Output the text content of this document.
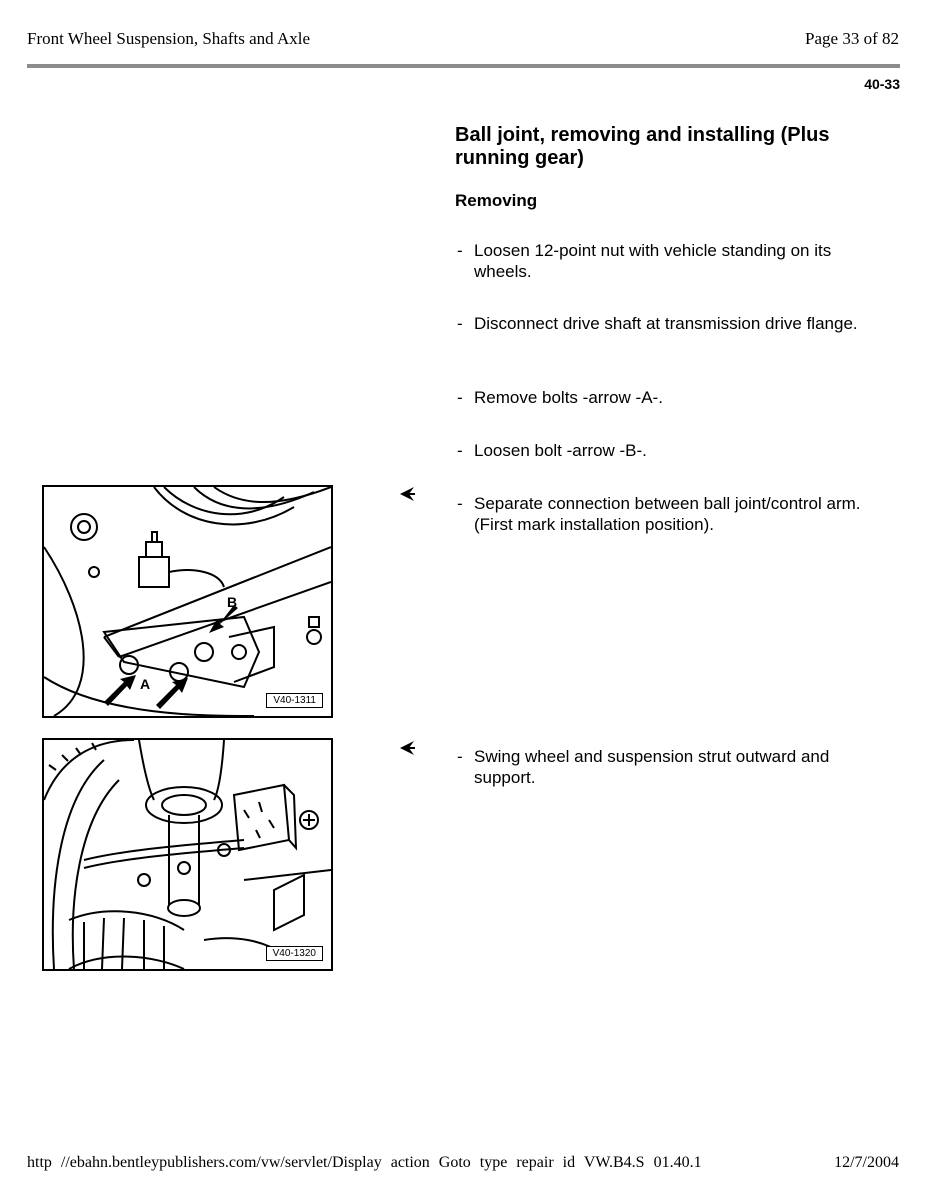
Front Wheel Suspension, Shafts and Axle	Page 33 of 82
40-33
Ball joint, removing and installing (Plus running gear)
Removing
- Loosen 12-point nut with vehicle standing on its wheels.
- Disconnect drive shaft at transmission drive flange.
- Remove bolts -arrow -A-.
- Loosen bolt -arrow -B-.
- Separate connection between ball joint/control arm. (First mark installation position).
- Swing wheel and suspension strut outward and support.
A
B
V40-1311
V40-1320
http //ebahn.bentleypublishers.com/vw/servlet/Display action Goto type repair id VW.B4.S 01.40.1	12/7/2004
